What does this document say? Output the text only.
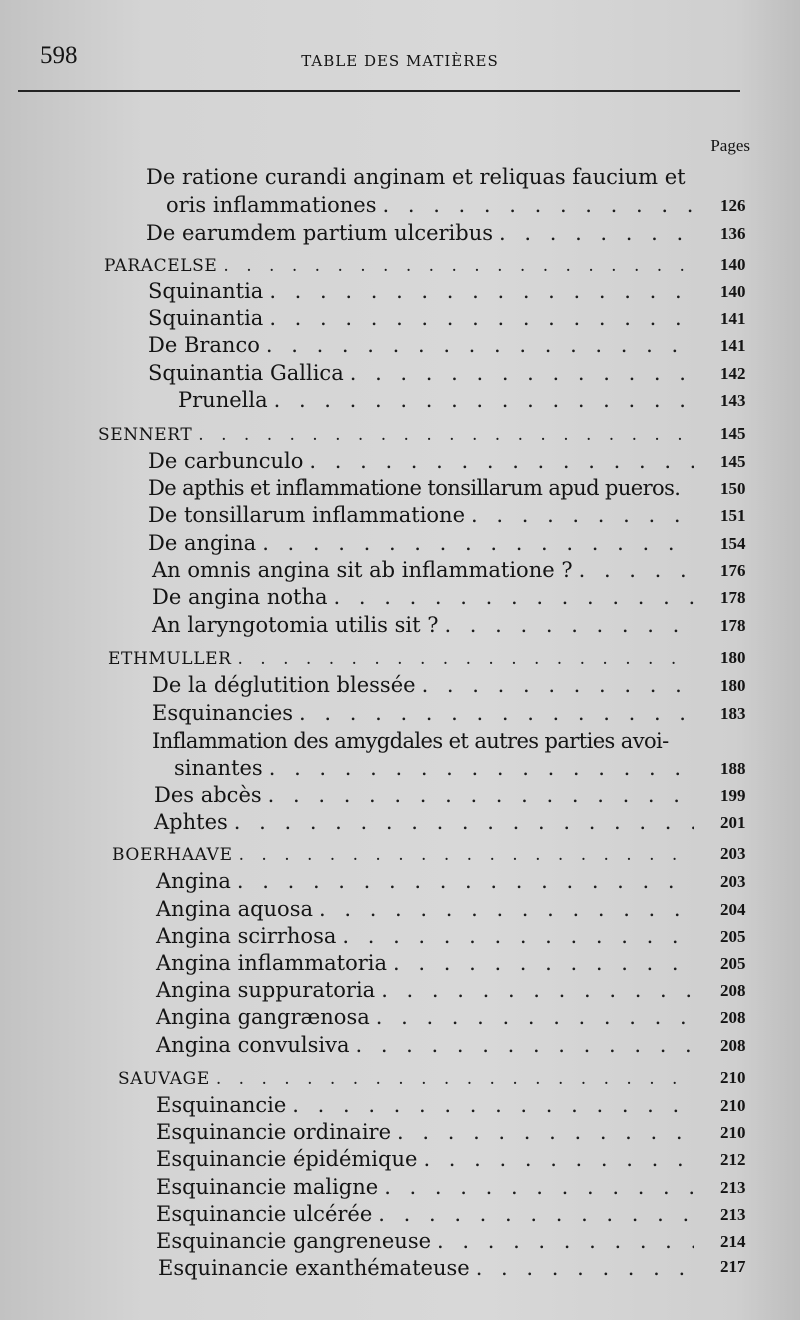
598	TABLE DES MATIÈRES
Pages
De ratione curandi anginam et reliquas faucium et
oris inflammationes
. . .
De earumdem partium ulceribus
. . .
PARACELSE
. . .
Squinantia
. . .
Squinantia
. . .
De Branco
. . .
Squinantia Gallica
. . .
Prunella
. . .
SENNERT
. . .
De carbunculo
. . .
De apthis et inflammatione tonsillarum apud pueros.
De tonsillarum inflammatione
. . .
De angina
. . .
An omnis angina sit ab inflammatione ?
. . .
De angina notha
. . .
An laryngotomia utilis sit ?
. . .
ETHMULLER
. . .
De la déglutition blessée
. . .
Esquinancies
. . .
Inflammation des amygdales et autres parties avoi-
sinantes
. . .
Des abcès
. . .
Aphtes
. . .
BOERHAAVE
. . .
Angina
. . .
Angina aquosa
. . .
Angina scirrhosa
. . .
Angina inflammatoria
. . .
Angina suppuratoria
. . .
Angina gangrænosa
. . .
Angina convulsiva
. . .
SAUVAGE
. . .
Esquinancie
. . .
Esquinancie ordinaire
. . .
Esquinancie épidémique
. . .
Esquinancie maligne
. . .
Esquinancie ulcérée
. . .
Esquinancie gangreneuse
. . .
Esquinancie exanthémateuse
. . .
126
136
140
140
141
141
142
143
145
145
150
151
154
176
178
178
180
180
183
188
199
201
203
203
204
205
205
208
208
208
210
210
210
212
213
213
214
217
